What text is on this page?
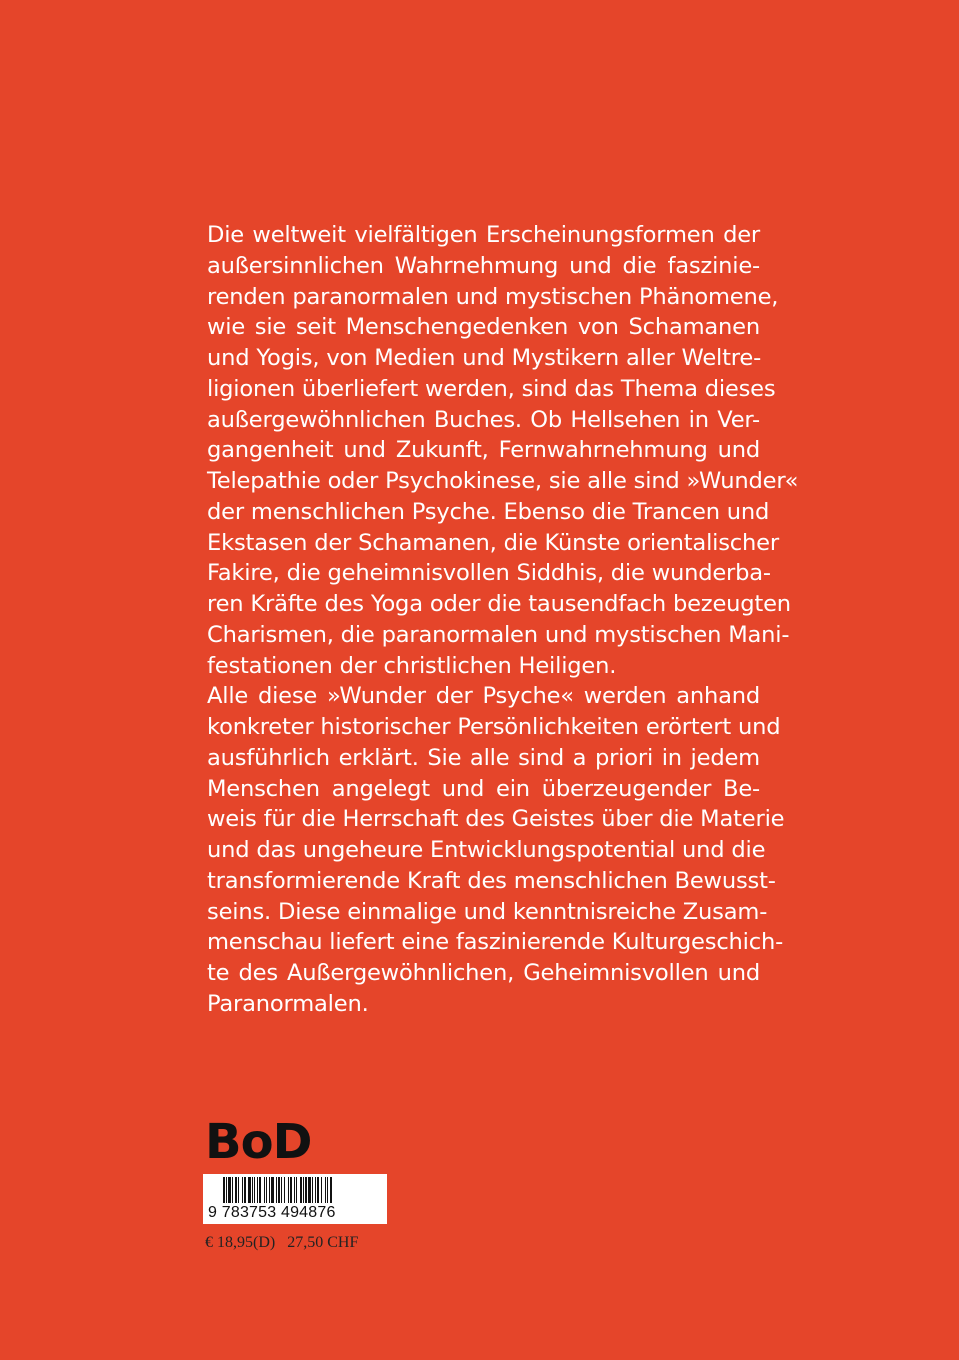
Die weltweit vielfältigen Erscheinungsformen der
außersinnlichen Wahrnehmung und die faszinie-
renden paranormalen und mystischen Phänomene,
wie sie seit Menschengedenken von Schamanen
und Yogis, von Medien und Mystikern aller Weltre-
ligionen überliefert werden, sind das Thema dieses
außergewöhnlichen Buches. Ob Hellsehen in Ver-
gangenheit und Zukunft, Fernwahrnehmung und
Telepathie oder Psychokinese, sie alle sind »Wunder«
der menschlichen Psyche. Ebenso die Trancen und
Ekstasen der Schamanen, die Künste orientalischer
Fakire, die geheimnisvollen Siddhis, die wunderba-
ren Kräfte des Yoga oder die tausendfach bezeugten
Charismen, die paranormalen und mystischen Mani-
festationen der christlichen Heiligen.
Alle diese »Wunder der Psyche« werden anhand
konkreter historischer Persönlichkeiten erörtert und
ausführlich erklärt. Sie alle sind a priori in jedem
Menschen angelegt und ein überzeugender Be-
weis für die Herrschaft des Geistes über die Materie
und das ungeheure Entwicklungspotential und die
transformierende Kraft des menschlichen Bewusst-
seins. Diese einmalige und kenntnisreiche Zusam-
menschau liefert eine faszinierende Kulturgeschich-
te des Außergewöhnlichen, Geheimnisvollen und
Paranormalen.
BoD
9 783753 494876
€ 18,95(D)   27,50 CHF
